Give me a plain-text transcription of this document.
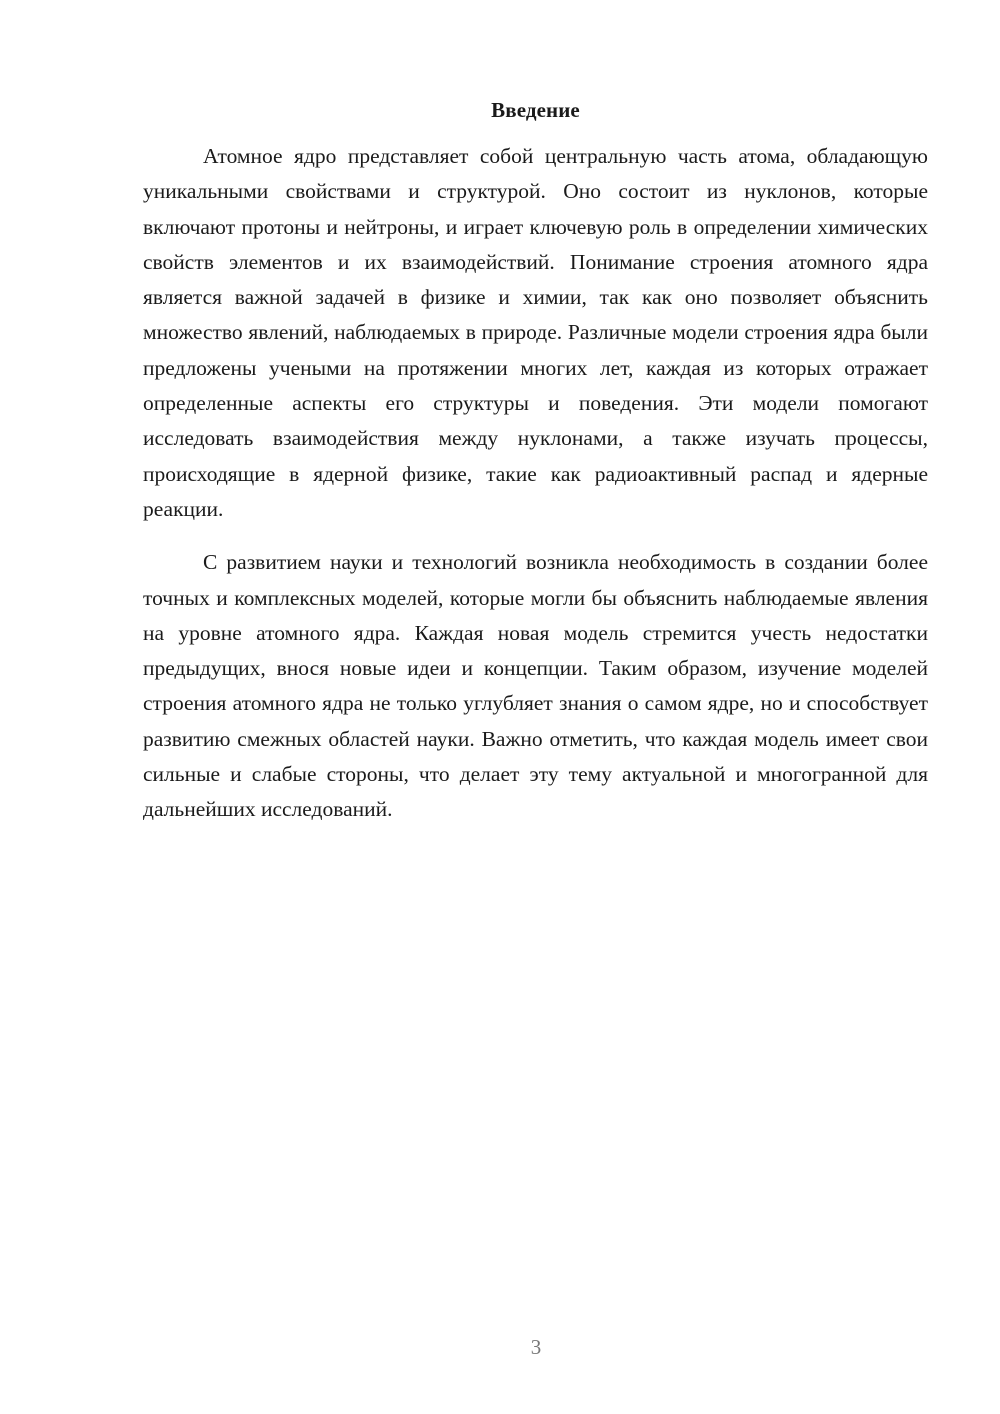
Введение

Атомное ядро представляет собой центральную часть атома, обладающую уникальными свойствами и структурой. Оно состоит из нуклонов, которые включают протоны и нейтроны, и играет ключевую роль в определении химических свойств элементов и их взаимодействий. Понимание строения атомного ядра является важной задачей в физике и химии, так как оно позволяет объяснить множество явлений, наблюдаемых в природе. Различные модели строения ядра были предложены учеными на протяжении многих лет, каждая из которых отражает определенные аспекты его структуры и поведения. Эти модели помогают исследовать взаимодействия между нуклонами, а также изучать процессы, происходящие в ядерной физике, такие как радиоактивный распад и ядерные реакции.

С развитием науки и технологий возникла необходимость в создании более точных и комплексных моделей, которые могли бы объяснить наблюдаемые явления на уровне атомного ядра. Каждая новая модель стремится учесть недостатки предыдущих, внося новые идеи и концепции. Таким образом, изучение моделей строения атомного ядра не только углубляет знания о самом ядре, но и способствует развитию смежных областей науки. Важно отметить, что каждая модель имеет свои сильные и слабые стороны, что делает эту тему актуальной и многогранной для дальнейших исследований.

3
